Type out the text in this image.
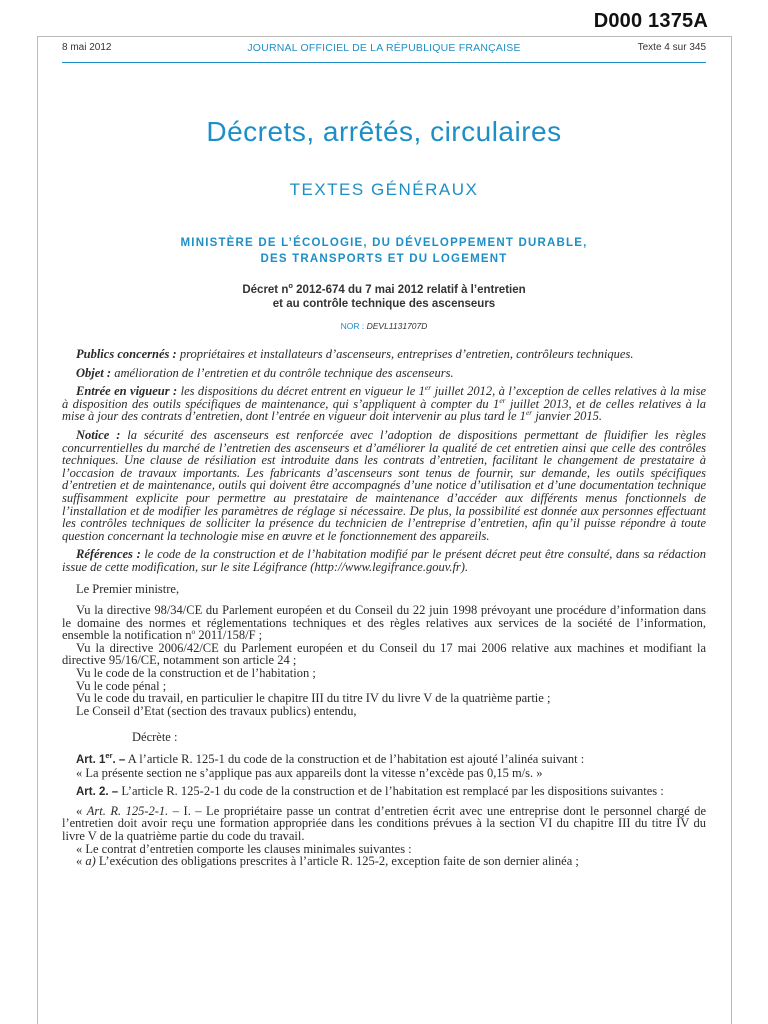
D000 1375A
8 mai 2012	JOURNAL OFFICIEL DE LA RÉPUBLIQUE FRANÇAISE	Texte 4 sur 345
Décrets, arrêtés, circulaires
TEXTES GÉNÉRAUX
MINISTÈRE DE L’ÉCOLOGIE, DU DÉVELOPPEMENT DURABLE,
DES TRANSPORTS ET DU LOGEMENT
Décret $n^o$ 2012-674 du 7 mai 2012 relatif à l’entretien
et au contrôle technique des ascenseurs
NOR : DEVL1131707D

Publics concernés : propriétaires et installateurs d’ascenseurs, entreprises d’entretien, contrôleurs techniques.

Objet : amélioration de l’entretien et du contrôle technique des ascenseurs.

Entrée en vigueur : les dispositions du décret entrent en vigueur le 1er juillet 2012, à l’exception de celles relatives à la mise à disposition des outils spécifiques de maintenance, qui s’appliquent à compter du 1er juillet 2013, et de celles relatives à la mise à jour des contrats d’entretien, dont l’entrée en vigueur doit intervenir au plus tard le 1er janvier 2015.

Notice : la sécurité des ascenseurs est renforcée avec l’adoption de dispositions permettant de fluidifier les règles concurrentielles du marché de l’entretien des ascenseurs et d’améliorer la qualité de cet entretien ainsi que celle des contrôles techniques. Une clause de résiliation est introduite dans les contrats d’entretien, facilitant le changement de prestataire à l’occasion de travaux importants. Les fabricants d’ascenseurs sont tenus de fournir, sur demande, les outils spécifiques d’entretien et de maintenance, outils qui doivent être accompagnés d’une notice d’utilisation et d’une documentation technique suffisamment explicite pour permettre au prestataire de maintenance d’accéder aux différents menus fonctionnels de l’installation et de modifier les paramètres de réglage si nécessaire. De plus, la possibilité est donnée aux personnes effectuant les contrôles techniques de solliciter la présence du technicien de l’entreprise d’entretien, afin qu’il puisse répondre à toute question concernant la technologie mise en œuvre et le fonctionnement des appareils.

Références : le code de la construction et de l’habitation modifié par le présent décret peut être consulté, dans sa rédaction issue de cette modification, sur le site Légifrance (http://www.legifrance.gouv.fr).

Le Premier ministre,

Vu la directive 98/34/CE du Parlement européen et du Conseil du 22 juin 1998 prévoyant une procédure d’information dans le domaine des normes et réglementations techniques et des règles relatives aux services de la société de l’information, ensemble la notification $n^o$ 2011/158/F ;

Vu la directive 2006/42/CE du Parlement européen et du Conseil du 17 mai 2006 relative aux machines et modifiant la directive 95/16/CE, notamment son article 24 ;

Vu le code de la construction et de l’habitation ;

Vu le code pénal ;

Vu le code du travail, en particulier le chapitre III du titre IV du livre V de la quatrième partie ;

Le Conseil d’Etat (section des travaux publics) entendu,

Décrète :

Art. 1er. – A l’article R. 125-1 du code de la construction et de l’habitation est ajouté l’alinéa suivant :

« La présente section ne s’applique pas aux appareils dont la vitesse n’excède pas 0,15 m/s. »

Art. 2. – L’article R. 125-2-1 du code de la construction et de l’habitation est remplacé par les dispositions suivantes :

« Art. R. 125-2-1. – I. – Le propriétaire passe un contrat d’entretien écrit avec une entreprise dont le personnel chargé de l’entretien doit avoir reçu une formation appropriée dans les conditions prévues à la section VI du chapitre III du titre IV du livre V de la quatrième partie du code du travail.

« Le contrat d’entretien comporte les clauses minimales suivantes :

« a) L’exécution des obligations prescrites à l’article R. 125-2, exception faite de son dernier alinéa ;
